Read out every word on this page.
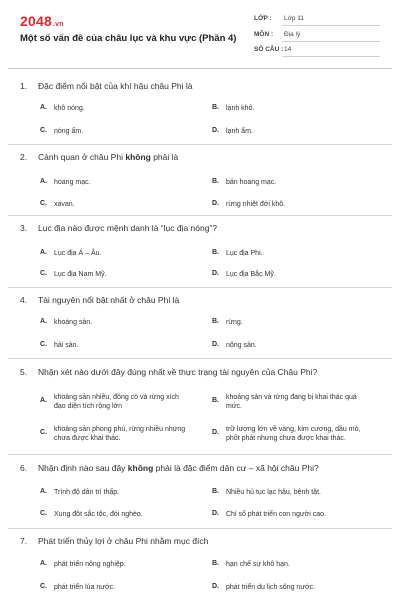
2048.vn
Một số vấn đề của châu lục và khu vực (Phần 4)
LỚP : Lớp 11
MÔN : Địa lý
SỐ CÂU : 14
1. Đặc điểm nổi bật của khí hậu châu Phi là
A. khô nóng.	B. lạnh khô.
C. nóng ẩm.	D. lạnh ẩm.
2. Cảnh quan ở châu Phi không phải là
A. hoang mạc.	B. bán hoang mạc.
C. xavan.	D. rừng nhiệt đới khô.
3. Lục địa nào được mệnh danh là “lục địa nóng”?
A. Lục địa Á – Âu.	B. Lục địa Phi.
C. Lục địa Nam Mỹ.	D. Lục địa Bắc Mỹ.
4. Tài nguyên nổi bật nhất ở châu Phi là
A. khoáng sản.	B. rừng.
C. hải sản.	D. nông sản.
5. Nhận xét nào dưới đây đúng nhất về thực trạng tài nguyên của Châu Phi?
A. khoáng sản nhiều, đồng cỏ và rừng xích
đạo diện tích rộng lớn
B. khoáng sản và rừng đang bị khai thác quá
mức.
C. khoáng sản phong phú, rừng nhiều nhưng
chưa được khai thác.
D. trữ lượng lớn về vàng, kim cương, dầu mỏ,
phốt phát nhưng chưa được khai thác.
6. Nhận định nào sau đây không phải là đặc điểm dân cư – xã hội châu Phi?
A. Trình độ dân trí thấp.	B. Nhiều hủ tục lạc hậu, bệnh tật.
C. Xung đột sắc tộc, đói nghèo.	D. Chỉ số phát triển con người cao.
7. Phát triển thủy lợi ở châu Phi nhằm mục đích
A. phát triển nông nghiệp.	B. hạn chế sự khô hạn.
C. phát triển lúa nước.	D. phát triển du lịch sông nước.
